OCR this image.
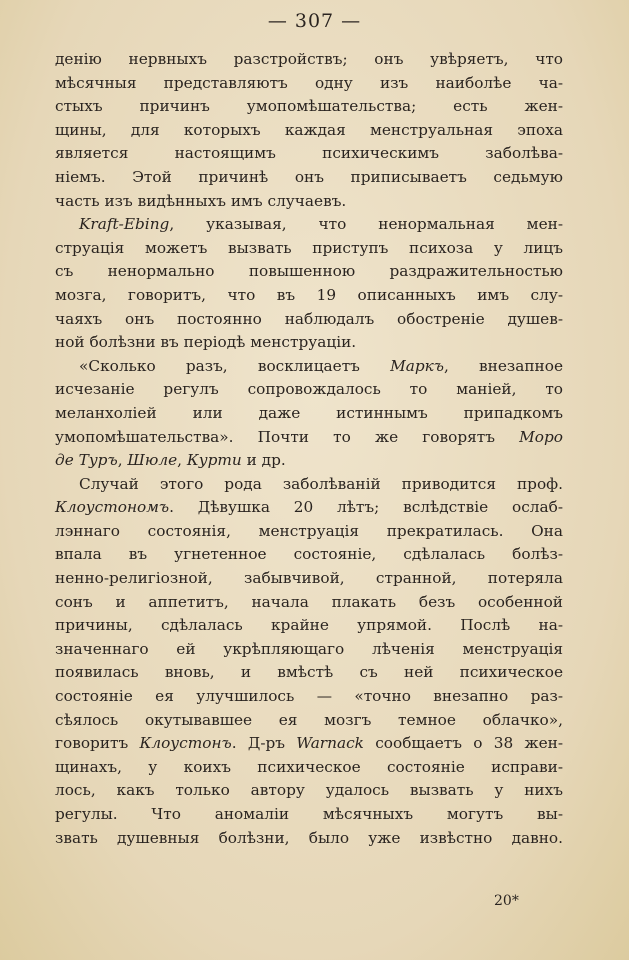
— 307 —
денію нервныхъ разстройствъ; онъ увѣряетъ, что
мѣсячныя представляютъ одну изъ наиболѣе ча-
стыхъ причинъ умопомѣшательства; есть жен-
щины, для которыхъ каждая менструальная эпоха
является настоящимъ психическимъ заболѣва-
ніемъ. Этой причинѣ онъ приписываетъ седьмую
часть изъ видѣнныхъ имъ случаевъ.
Kraft-Ebing, указывая, что ненормальная мен-
струація можетъ вызвать приступъ психоза у лицъ
съ ненормально повышенною раздражительностью
мозга, говоритъ, что въ 19 описанныхъ имъ слу-
чаяхъ онъ постоянно наблюдалъ обостреніе душев-
ной болѣзни въ періодѣ менструаціи.
«Сколько разъ, восклицаетъ Маркъ, внезапное
исчезаніе регулъ сопровождалось то маніей, то
меланхоліей или даже истиннымъ припадкомъ
умопомѣшательства». Почти то же говорятъ Моро
де Туръ, Шюле, Курти и др.
Случай этого рода заболѣваній приводится проф.
Клоустономъ. Дѣвушка 20 лѣтъ; вслѣдствіе ослаб-
лэннаго состоянія, менструація прекратилась. Она
впала въ угнетенное состояніе, сдѣлалась болѣз-
ненно-религіозной, забывчивой, странной, потеряла
сонъ и аппетитъ, начала плакать безъ особенной
причины, сдѣлалась крайне упрямой. Послѣ на-
значеннаго ей укрѣпляющаго лѣченія менструація
появилась вновь, и вмѣстѣ съ ней психическое
состояніе ея улучшилось — «точно внезапно раз-
сѣялось окутывавшее ея мозгъ темное облачко»,
говоритъ Клоустонъ. Д-ръ Warnack сообщаетъ о 38 жен-
щинахъ, у коихъ психическое состояніе исправи-
лось, какъ только автору удалось вызвать у нихъ
регулы. Что аномаліи мѣсячныхъ могутъ вы-
звать душевныя болѣзни, было уже извѣстно давно.
20*
